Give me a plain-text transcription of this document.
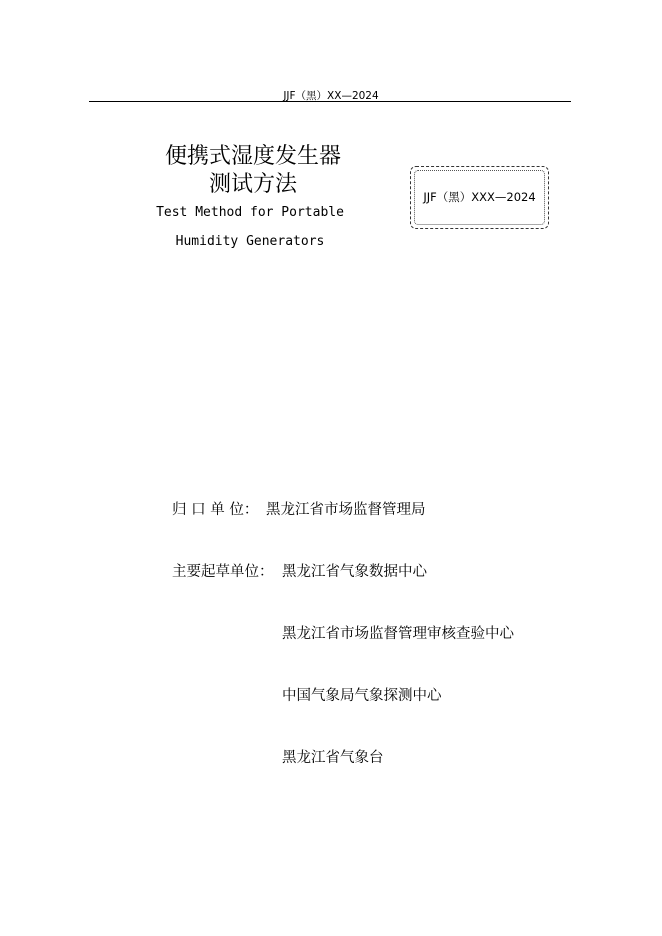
JJF（黑）XX—2024
便携式湿度发生器
测试方法
Test Method for Portable
Humidity Generators
JJF（黑）XXX—2024
归 口 单 位： 黑龙江省市场监督管理局
主要起草单位： 黑龙江省气象数据中心
黑龙江省市场监督管理审核查验中心
中国气象局气象探测中心
黑龙江省气象台
